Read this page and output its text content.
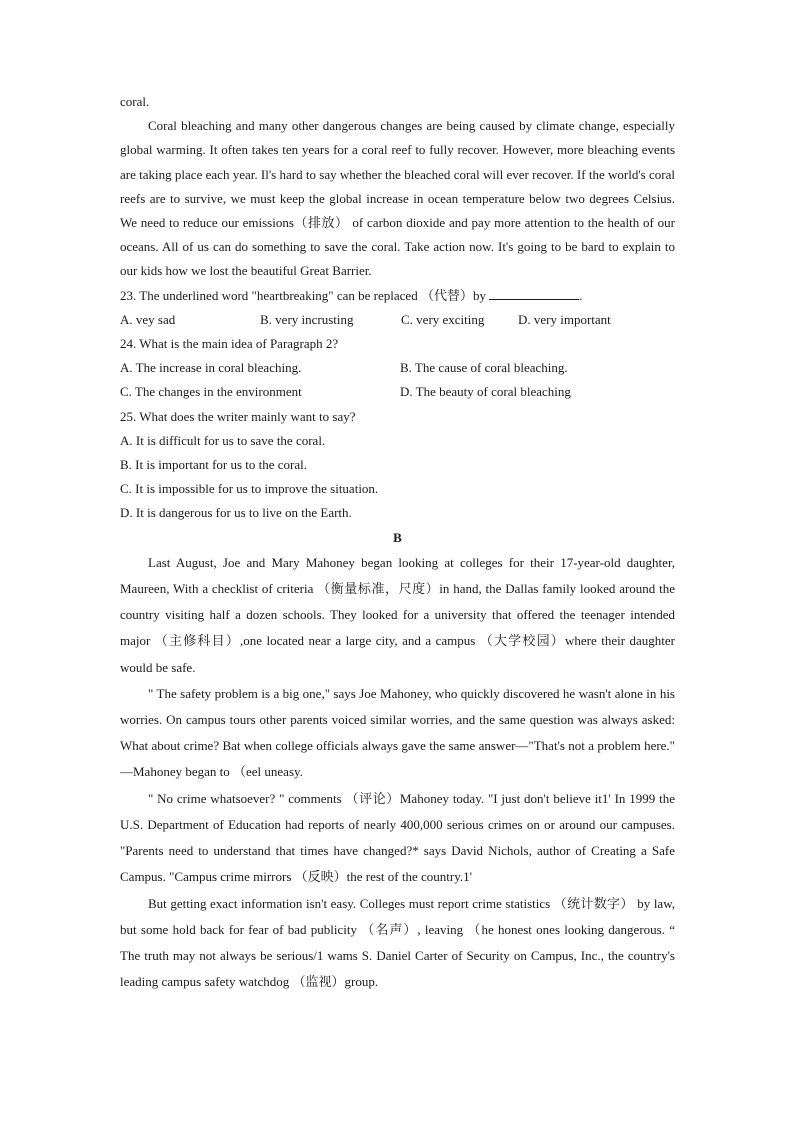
coral.

Coral bleaching and many other dangerous changes are being caused by climate change, especially global warming. It often takes ten years for a coral reef to fully recover. However, more bleaching events are taking place each year. Il's hard to say whether the bleached coral will ever recover. If the world's coral reefs are to survive, we must keep the global increase in ocean temperature below two degrees Celsius. We need to reduce our emissions（排放） of carbon dioxide and pay more attention to the health of our oceans. All of us can do something to save the coral. Take action now. It's going to be bard to explain to our kids how we lost the beautiful Great Barrier.

23. The underlined word "heartbreaking" can be replaced （代替）by	.

A. vey sad	B. very incrusting	C. very exciting	D. very important

24. What is the main idea of Paragraph 2?

A. The increase in coral bleaching.	B. The cause of coral bleaching.
C. The changes in the environment	D. The beauty of coral bleaching

25. What does the writer mainly want to say?

A. It is difficult for us to save the coral.

B. It is important for us to the coral.

C. It is impossible for us to improve the situation.

D. It is dangerous for us to live on the Earth.

B

Last August, Joe and Mary Mahoney began looking at colleges for their 17-year-old daughter, Maureen, With a checklist of criteria （衡量标准，尺度）in hand, the Dallas family looked around the country visiting half a dozen schools. They looked for a university that offered the teenager intended major （主修科目）,one located near a large city, and a campus （大学校园）where their daughter would be safe.

" The safety problem is a big one," says Joe Mahoney, who quickly discovered he wasn't alone in his worries. On campus tours other parents voiced similar worries, and the same question was always asked: What about crime? Bat when college officials always gave the same answer—"That's not a problem here." —Mahoney began to （eel uneasy.

" No crime whatsoever? " comments （评论）Mahoney today. "I just don't believe it1' In 1999 the U.S. Department of Education had reports of nearly 400,000 serious crimes on or around our campuses. "Parents need to understand that times have changed?* says David Nichols, author of Creating a Safe Campus. "Campus crime mirrors （反映）the rest of the country.1'

But getting exact information isn't easy. Colleges must report crime statistics （统计数字） by law, but some hold back for fear of bad publicity （名声）, leaving （he honest ones looking dangerous. “ The truth may not always be serious/1 wams S. Daniel Carter of Security on Campus, Inc., the country's leading campus safety watchdog （监视）group.
